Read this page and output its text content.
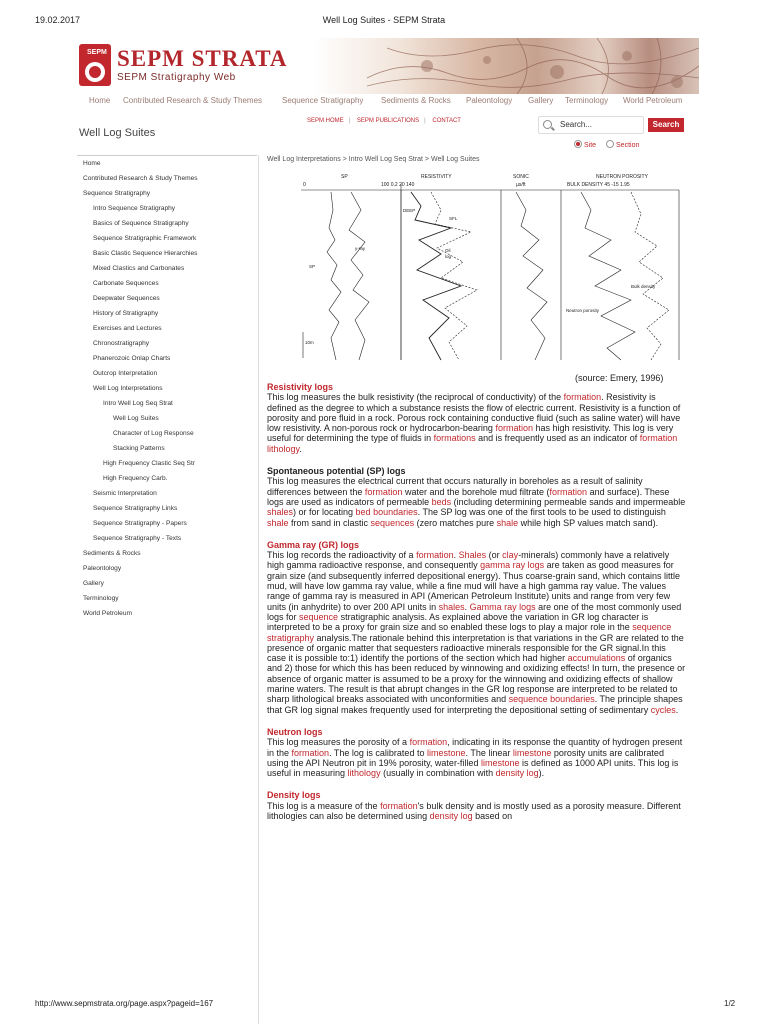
19.02.2017	Well Log Suites - SEPM Strata
SEPM SEPM STRATA
SEPM Stratigraphy Web
Home Contributed Research & Study Themes Sequence Stratigraphy Sediments & Rocks Paleontology Gallery Terminology World Petroleum
Well Log Suites
SEPM HOME | SEPM PUBLICATIONS | CONTACT	Search...	Search
Site	Section
Home
Contributed Research & Study Themes
Sequence Stratigraphy
Intro Sequence Stratigraphy
Basics of Sequence Stratigraphy
Sequence Stratigraphic Framework
Basic Clastic Sequence Hierarchies
Mixed Clastics and Carbonates
Carbonate Sequences
Deepwater Sequences
History of Stratigraphy
Exercises and Lectures
Chronostratigraphy
Phanerozoic Onlap Charts
Outcrop Interpretation
Well Log Interpretations
Intro Well Log Seq Strat
Well Log Suites
Character of Log Response
Stacking Patterns
High Frequency Clastic Seq Str
High Frequency Carb.
Seismic Interpretation
Sequence Stratigraphy Links
Sequence Stratigraphy - Papers
Sequence Stratigraphy - Texts
Sediments & Rocks
Paleontology
Gallery
Terminology
World Petroleum
Well Log Interpretations > Intro Well Log Seq Strat > Well Log Suites
SP
0
RESISTIVITY
100 0.2 20 140
SONIC
µs/ft
NEUTRON POROSITY
BULK DENSITY 45 -15 1.95
SP
y-ray
DEEP
SFL
Oil
log
Bulk density
Neutron porosity
10m
(source: Emery, 1996)
Resistivity logs

This log measures the bulk resistivity (the reciprocal of conductivity) of the formation. Resistivity is defined as the degree to which a substance resists the flow of electric current. Resistivity is a function of porosity and pore fluid in a rock. Porous rock containing conductive fluid (such as saline water) will have low resistivity. A non-porous rock or hydrocarbon-bearing formation has high resistivity. This log is very useful for determining the type of fluids in formations and is frequently used as an indicator of formation lithology.

Spontaneous potential (SP) logs

This log measures the electrical current that occurs naturally in boreholes as a result of salinity differences between the formation water and the borehole mud filtrate (formation and surface). These logs are used as indicators of permeable beds (including determining permeable sands and impermeable shales) or for locating bed boundaries. The SP log was one of the first tools to be used to distinguish shale from sand in clastic sequences (zero matches pure shale while high SP values match sand).

Gamma ray (GR) logs

This log records the radioactivity of a formation. Shales (or clay-minerals) commonly have a relatively high gamma radioactive response, and consequently gamma ray logs are taken as good measures for grain size (and subsequently inferred depositional energy). Thus coarse-grain sand, which contains little mud, will have low gamma ray value, while a fine mud will have a high gamma ray value. The values range of gamma ray is measured in API (American Petroleum Institute) units and range from very few units (in anhydrite) to over 200 API units in shales. Gamma ray logs are one of the most commonly used logs for sequence stratigraphic analysis. As explained above the variation in GR log character is interpreted to be a proxy for grain size and so enabled these logs to play a major role in the sequence stratigraphy analysis.The rationale behind this interpretation is that variations in the GR are related to the presence of organic matter that sequesters radioactive minerals responsible for the GR signal.In this case it is possible to:1) identify the portions of the section which had higher accumulations of organics and 2) those for which this has been reduced by winnowing and oxidizing effects! In turn, the presence or absence of organic matter is assumed to be a proxy for the winnowing and oxidizing effects of shallow marine waters. The result is that abrupt changes in the GR log response are interpreted to be related to sharp lithological breaks associated with unconformities and sequence boundaries. The principle shapes that GR log signal makes frequently used for interpreting the depositional setting of sedimentary cycles.

Neutron logs

This log measures the porosity of a formation, indicating in its response the quantity of hydrogen present in the formation. The log is calibrated to limestone. The linear limestone porosity units are calibrated using the API Neutron pit in 19% porosity, water-filled limestone is defined as 1000 API units. This log is useful in measuring lithology (usually in combination with density log).

Density logs

This log is a measure of the formation's bulk density and is mostly used as a porosity measure. Different lithologies can also be determined using density log based on

http://www.sepmstrata.org/page.aspx?pageid=167	1/2
